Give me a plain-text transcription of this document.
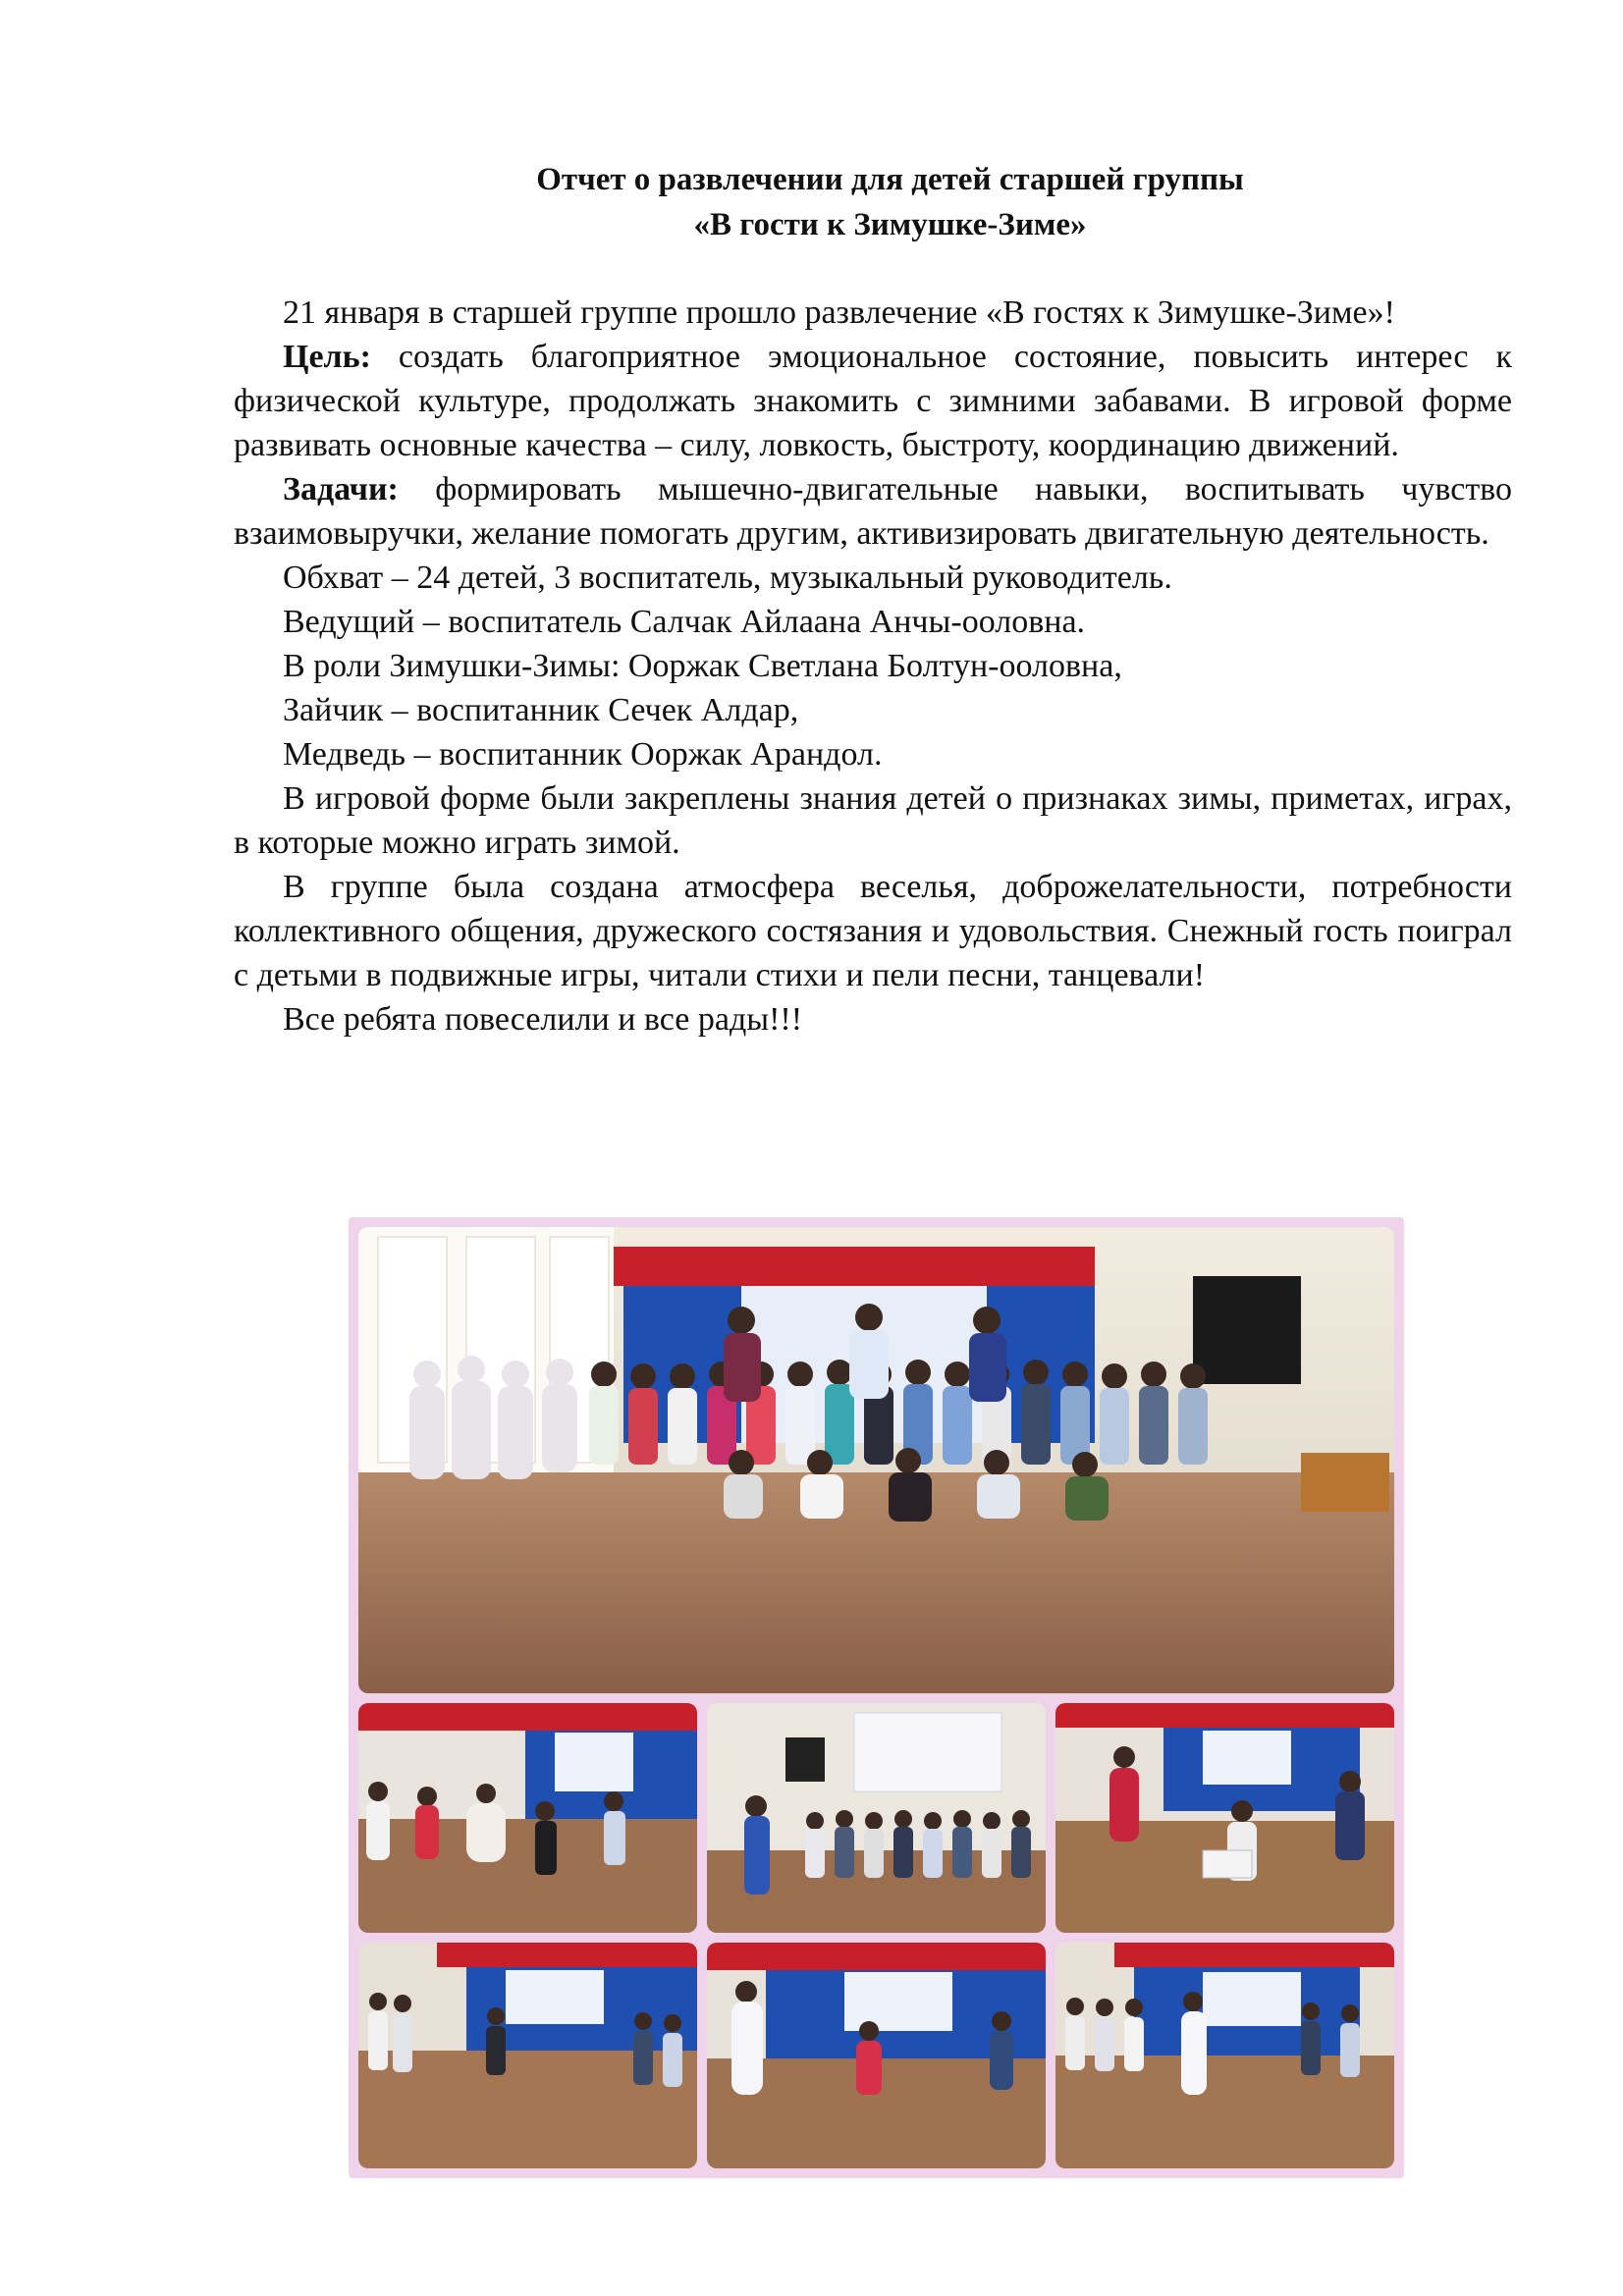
Отчет о развлечении для детей старшей группы
«В гости к Зимушке-Зиме»

21 января в старшей группе прошло развлечение «В гостях к Зимушке-Зиме»!

Цель: создать благоприятное эмоциональное состояние, повысить интерес к физической культуре, продолжать знакомить с зимними забавами. В игровой форме развивать основные качества – силу, ловкость, быстроту, координацию движений.

Задачи: формировать мышечно-двигательные навыки, воспитывать чувство взаимовыручки, желание помогать другим, активизировать двигательную деятельность.

Обхват – 24 детей, 3 воспитатель, музыкальный руководитель.

Ведущий – воспитатель Салчак Айлаана Анчы-ооловна.

В роли Зимушки-Зимы: Ооржак Светлана Болтун-ооловна,

Зайчик – воспитанник Сечек Алдар,

Медведь – воспитанник Ооржак Арандол.

В игровой форме были закреплены знания детей о признаках зимы, приметах, играх, в которые можно играть зимой.

В группе была создана атмосфера веселья, доброжелательности, потребности коллективного общения, дружеского состязания и удовольствия. Снежный гость поиграл с детьми в подвижные игры, читали стихи и пели песни, танцевали!

Все ребята повеселили и все рады!!!
